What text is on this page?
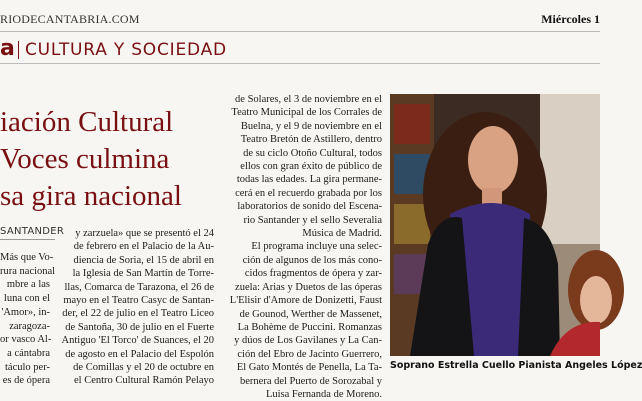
RIODECANTABRIA.COM	Miércoles 1
a CULTURA Y SOCIEDAD
iación Cultural
Voces culmina
sa gira nacional
SANTANDER
Más que Vo-
rura nacional
mbre a las
luna con el
'Amor», in-
zaragoza-
or vasco Al-
a cántabra
táculo per-
es de ópera
y zarzuela» que se presentó el 24
de febrero en el Palacio de la Au-
diencia de Soria, el 15 de abril en
la Iglesia de San Martín de Torre-
llas, Comarca de Tarazona, el 26 de
mayo en el Teatro Casyc de Santan-
der, el 22 de julio en el Teatro Liceo
de Santoña, 30 de julio en el Fuerte
Antiguo 'El Torco' de Suances, el 20
de agosto en el Palacio del Espolón
de Comillas y el 20 de octubre en
el Centro Cultural Ramón Pelayo
de Solares, el 3 de noviembre en el
Teatro Municipal de los Corrales de
Buelna, y el 9 de noviembre en el
Teatro Bretón de Astillero, dentro
de su ciclo Otoño Cultural, todos
ellos con gran éxito de público de
todas las edades. La gira permane-
cerá en el recuerdo grabada por los
laboratorios de sonido del Escena-
rio Santander y el sello Severalia
Música de Madrid.
El programa incluye una selec-
ción de algunos de los más cono-
cidos fragmentos de ópera y zar-
zuela: Arias y Duetos de las óperas
L'Elisir d'Amore de Donizetti, Faust
de Gounod, Werther de Massenet,
La Bohème de Puccini. Romanzas
y dúos de Los Gavilanes y La Can-
ción del Ebro de Jacinto Guerrero,
El Gato Montés de Penella, La Ta-
bernera del Puerto de Sorozabal y
Luisa Fernanda de Moreno.
Soprano Estrella Cuello Pianista Angeles López
